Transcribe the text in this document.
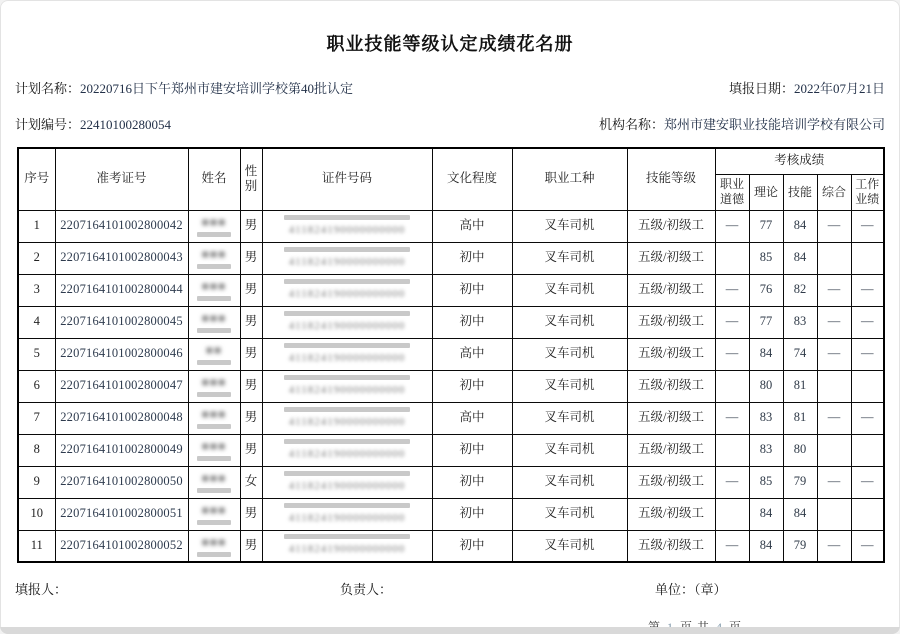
职业技能等级认定成绩花名册
计划名称：20220716日下午郑州市建安培训学校第40批认定	填报日期：2022年07月21日
计划编号：22410100280054	机构名称：郑州市建安职业技能培训学校有限公司
序号	准考证号	姓名	性别	证件号码	文化程度	职业工种	技能等级	考核成绩				
								职业道德	理论	技能	综合	工作业绩
1	2207164101002800042	■■■	男	411824190000000000	高中	叉车司机	五级/初级工	—	77	84	—	—
2	2207164101002800043	■■■	男	411824190000000000	初中	叉车司机	五级/初级工		85	84		
3	2207164101002800044	■■■	男	411824190000000000	初中	叉车司机	五级/初级工	—	76	82	—	—
4	2207164101002800045	■■■	男	411824190000000000	初中	叉车司机	五级/初级工	—	77	83	—	—
5	2207164101002800046	■■	男	411824190000000000	高中	叉车司机	五级/初级工	—	84	74	—	—
6	2207164101002800047	■■■	男	411824190000000000	初中	叉车司机	五级/初级工		80	81		
7	2207164101002800048	■■■	男	411824190000000000	高中	叉车司机	五级/初级工	—	83	81	—	—
8	2207164101002800049	■■■	男	411824190000000000	初中	叉车司机	五级/初级工		83	80		
9	2207164101002800050	■■■	女	411824190000000000	初中	叉车司机	五级/初级工	—	85	79	—	—
10	2207164101002800051	■■■	男	411824190000000000	初中	叉车司机	五级/初级工		84	84		
11	2207164101002800052	■■■	男	411824190000000000	初中	叉车司机	五级/初级工	—	84	79	—	—
填报人：	负责人：	单位：（章）
